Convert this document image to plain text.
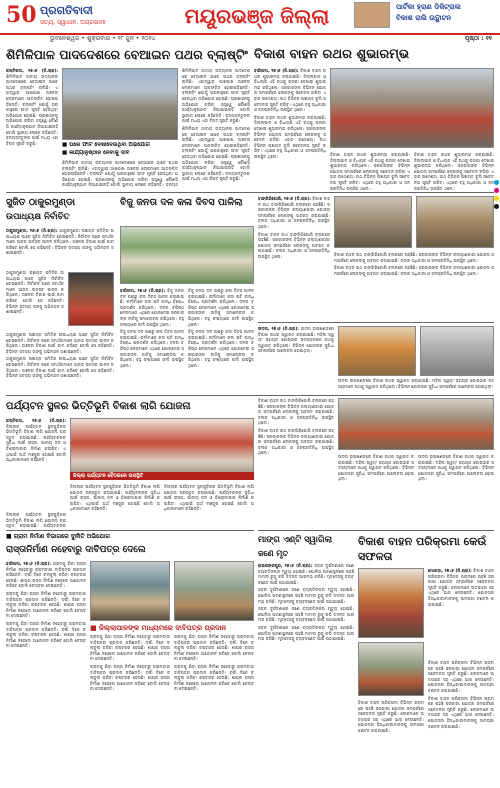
50 ପ୍ରଗତିବାଦୀ
ସତ୍ୟ, ସ୍ୱାଧୀନ, ଅଗ୍ରଗାମୀ	ମୟୂରଭଞ୍ଜ ଜିଲ୍ଲା	ପାର୍ଟିକା ହ୍ରାଣ ଡିଜିଟ୍ରାଲ
ବିକାଶ ରାଲି ଉଦ୍ଘାଟନ
ଭୁବନେଶ୍ୱର • ଶୁକ୍ରବାର • ୨୮ ଜୁନ • ୨୦୨୪	ପୃଷ୍ଠା : ୧୧
ଶିମିଳିପାଳ ପାଦଦେଶରେ ବେଆଇନ ପଥର ବ୍ଲାଷ୍ଟିଂ

କପ୍ତିପଦା, ୨୭।୬ (ନି.ପ୍ର): ଶିମିଳିପାଳ ଜାତୀୟ ଉଦ୍ୟାନର ପାଦଦେଶରେ ବେଆଇନ ଭାବେ ପଥର ବ୍ଲାଷ୍ଟିଂ ଚାଲିଛି। ଏହାଦ୍ୱାରା ଆଖପାଖ ଅଞ୍ଚଳର ଲୋକମାନେ ଆତଙ୍କିତ ହୋଇପଡ଼ିଛନ୍ତି। ବ୍ଲାଷ୍ଟିଂ ଯୋଗୁଁ ଘରକାନ୍ଥରେ ଫାଟ ସୃଷ୍ଟି ହେଉଥିବା ଅଭିଯୋଗ ହୋଇଛି। ପ୍ରଶାସନକୁ ଅଭିଯୋଗ କରିବା ସତ୍ତ୍ୱେ କୌଣସି କାର୍ଯ୍ୟାନୁଷ୍ଠାନ ନିଆଯାଇନାହିଁ ବୋଲି ସ୍ଥାନୀୟ ଲୋକେ କହିଛନ୍ତି। ବନ୍ୟଜନ୍ତୁଙ୍କ ପାଇଁ ମଧ୍ୟ ଏହା ବିପଦ ସୃଷ୍ଟି କରୁଛି।	■ ଘରେ ଫାଟ ଦେଖାଦେଉଥିବା ଅଭିଯୋଗ
■ କାର୍ଯ୍ୟାନୁଷ୍ଠାନ ନେବାକୁ ଦାବି

ଶିମିଳିପାଳ ଜାତୀୟ ଉଦ୍ୟାନର ପାଦଦେଶରେ ବେଆଇନ ଭାବେ ପଥର ବ୍ଲାଷ୍ଟିଂ ଚାଲିଛି। ଏହାଦ୍ୱାରା ଆଖପାଖ ଅଞ୍ଚଳର ଲୋକମାନେ ଆତଙ୍କିତ ହୋଇପଡ଼ିଛନ୍ତି। ବ୍ଲାଷ୍ଟିଂ ଯୋଗୁଁ ଘରକାନ୍ଥରେ ଫାଟ ସୃଷ୍ଟି ହେଉଥିବା ଅଭିଯୋଗ ହୋଇଛି। ପ୍ରଶାସନକୁ ଅଭିଯୋଗ କରିବା ସତ୍ତ୍ୱେ କୌଣସି କାର୍ଯ୍ୟାନୁଷ୍ଠାନ ନିଆଯାଇନାହିଁ ବୋଲି ସ୍ଥାନୀୟ ଲୋକେ କହିଛନ୍ତି। ବନ୍ୟଜ

ଶିମିଳିପାଳ ଜାତୀୟ ଉଦ୍ୟାନର ପାଦଦେଶରେ ବେଆଇନ ଭାବେ ପଥର ବ୍ଲାଷ୍ଟିଂ ଚାଲିଛି। ଏହାଦ୍ୱାରା ଆଖପାଖ ଅଞ୍ଚଳର ଲୋକମାନେ ଆତଙ୍କିତ ହୋଇପଡ଼ିଛନ୍ତି। ବ୍ଲାଷ୍ଟିଂ ଯୋଗୁଁ ଘରକାନ୍ଥରେ ଫାଟ ସୃଷ୍ଟି ହେଉଥିବା ଅଭିଯୋଗ ହୋଇଛି। ପ୍ରଶାସନକୁ ଅଭିଯୋଗ କରିବା ସତ୍ତ୍ୱେ କୌଣସି କାର୍ଯ୍ୟାନୁଷ୍ଠାନ ନିଆଯାଇନାହିଁ ବୋଲି ସ୍ଥାନୀୟ ଲୋକେ କହିଛନ୍ତି। ବନ୍ୟଜନ୍ତୁଙ୍କ ପାଇଁ ମଧ୍ୟ ଏହା ବିପଦ ସୃଷ୍ଟି କରୁଛି।

ଶିମିଳିପାଳ ଜାତୀୟ ଉଦ୍ୟାନର ପାଦଦେଶରେ ବେଆଇନ ଭାବେ ପଥର ବ୍ଲାଷ୍ଟିଂ ଚାଲିଛି। ଏହାଦ୍ୱାରା ଆଖପାଖ ଅଞ୍ଚଳର ଲୋକମାନେ ଆତଙ୍କିତ ହୋଇପଡ଼ିଛନ୍ତି। ବ୍ଲାଷ୍ଟିଂ ଯୋଗୁଁ ଘରକାନ୍ଥରେ ଫାଟ ସୃଷ୍ଟି ହେଉଥିବା ଅଭିଯୋଗ ହୋଇଛି। ପ୍ରଶାସନକୁ ଅଭିଯୋଗ କରିବା ସତ୍ତ୍ୱେ କୌଣସି କାର୍ଯ୍ୟାନୁଷ୍ଠାନ ନିଆଯାଇନାହିଁ ବୋଲି ସ୍ଥାନୀୟ ଲୋକେ କହିଛନ୍ତି। ବନ୍ୟଜନ୍ତୁଙ୍କ ପାଇଁ ମଧ୍ୟ ଏହା ବିପଦ ସୃଷ୍ଟି କରୁଛି।

ବିକାଶ ବାହନ ରଥର ଶୁଭାରମ୍ଭ

ବାରିପଦା, ୨୭।୬ (ନି.ପ୍ର): ବିକାଶ ବାହନ ରଥର ଶୁଭାରମ୍ଭ କରାଯାଇଛି। ଜିଲ୍ଲାପାଳ ଓ ବିଧାୟକ ଏହି ରଥକୁ ପତାକା ଦେଖାଇ ଶୁଭାରମ୍ଭ କରିଥିଲେ। ସରକାରଙ୍କ ବିଭିନ୍ନ ଯୋଜନା ସମ୍ପର୍କରେ ଲୋକଙ୍କୁ ସଚେତନ କରିବା ଏହାର ଉଦ୍ଦେଶ୍ୟ। ରଥ ବିଭିନ୍ନ ପଞ୍ଚାୟତ ବୁଲି ସଚେତନତା ସୃଷ୍ଟି କରିବ। ଏଥିରେ ବହୁ ଅଧିକାରୀ ଓ ଜନପ୍ରତିନିଧି ଉପସ୍ଥିତ ଥିଲେ।

ବିକାଶ ବାହନ ରଥର ଶୁଭାରମ୍ଭ କରାଯାଇଛି। ଜିଲ୍ଲାପାଳ ଓ ବିଧାୟକ ଏହି ରଥକୁ ପତାକା ଦେଖାଇ ଶୁଭାରମ୍ଭ କରିଥିଲେ। ସରକାରଙ୍କ ବିଭିନ୍ନ ଯୋଜନା ସମ୍ପର୍କରେ ଲୋକଙ୍କୁ ସଚେତନ କରିବା ଏହାର ଉଦ୍ଦେଶ୍ୟ। ରଥ ବିଭିନ୍ନ ପଞ୍ଚାୟତ ବୁଲି ସଚେତନତା ସୃଷ୍ଟି କରିବ। ଏଥିରେ ବହୁ ଅଧିକାରୀ ଓ ଜନପ୍ରତିନିଧି ଉପସ୍ଥିତ ଥିଲେ।	ବିକାଶ ବାହନ ରଥର ଶୁଭାରମ୍ଭ କରାଯାଇଛି। ଜିଲ୍ଲାପାଳ ଓ ବିଧାୟକ ଏହି ରଥକୁ ପତାକା ଦେଖାଇ ଶୁଭାରମ୍ଭ କରିଥିଲେ। ସରକାରଙ୍କ ବିଭିନ୍ନ ଯୋଜନା ସମ୍ପର୍କରେ ଲୋକଙ୍କୁ ସଚେତନ କରିବା ଏହାର ଉଦ୍ଦେଶ୍ୟ। ରଥ ବିଭିନ୍ନ ପଞ୍ଚାୟତ ବୁଲି ସଚେତନତା ସୃଷ୍ଟି କରିବ। ଏଥିରେ ବହୁ ଅଧିକାରୀ ଓ ଜନପ୍ରତିନିଧି ଉପସ୍ଥିତ ଥିଲେ।

ବିକାଶ ବାହନ ରଥର ଶୁଭାରମ୍ଭ କରାଯାଇଛି। ଜିଲ୍ଲାପାଳ ଓ ବିଧାୟକ ଏହି ରଥକୁ ପତାକା ଦେଖାଇ ଶୁଭାରମ୍ଭ କରିଥିଲେ। ସରକାରଙ୍କ ବିଭିନ୍ନ ଯୋଜନା ସମ୍ପର୍କରେ ଲୋକଙ୍କୁ ସଚେତନ କରିବା ଏହାର ଉଦ୍ଦେଶ୍ୟ। ରଥ ବିଭିନ୍ନ ପଞ୍ଚାୟତ ବୁଲି ସଚେତନତା ସୃଷ୍ଟି କରିବ। ଏଥିରେ ବହୁ ଅଧିକାରୀ ଓ ଜନପ୍ରତିନିଧି ଉପସ୍ଥିତ ଥିଲେ।

ସୁଜିତ ଠାକୁରମୁଣ୍ଡା
ଉପାଧ୍ୟକ୍ଷ ନିର୍ବାଚିତ

ଠାକୁରମୁଣ୍ଡା, ୨୭।୬ (ନି.ପ୍ର): ଠାକୁରମୁଣ୍ଡା ପଞ୍ଚାୟତ ସମିତିର ଉପାଧ୍ୟକ୍ଷ ଭାବେ ସୁଜିତ ନିର୍ବାଚିତ ହୋଇଛନ୍ତି। ନିର୍ବାଚନ ପରେ ସମର୍ଥକମାନେ ଆନନ୍ଦ ଉତ୍ସବ ପାଳନ କରିଥିଲେ। ଅଞ୍ଚଳର ବିକାଶ ପାଇଁ କାମ କରିବେ ବୋଲି ସେ କହିଛନ୍ତି। ବିଭିନ୍ନ ସଦସ୍ୟ ତାଙ୍କୁ ଅଭିନନ୍ଦନ ଜଣାଇଛନ୍ତି।

ଠାକୁରମୁଣ୍ଡା ପଞ୍ଚାୟତ ସମିତିର ଉପାଧ୍ୟକ୍ଷ ଭାବେ ସୁଜିତ ନିର୍ବାଚିତ ହୋଇଛନ୍ତି। ନିର୍ବାଚନ ପରେ ସମର୍ଥକମାନେ ଆନନ୍ଦ ଉତ୍ସବ ପାଳନ କରିଥିଲେ। ଅଞ୍ଚଳର ବିକାଶ ପାଇଁ କାମ କରିବେ ବୋଲି ସେ କହିଛନ୍ତି। ବିଭିନ୍ନ ସଦସ୍ୟ ତାଙ୍କୁ ଅଭିନନ୍ଦନ ଜଣାଇଛନ୍ତି।

ଠାକୁରମୁଣ୍ଡା ପଞ୍ଚାୟତ ସମିତିର ଉପାଧ୍ୟକ୍ଷ ଭାବେ ସୁଜିତ ନିର୍ବାଚିତ ହୋଇଛନ୍ତି। ନିର୍ବାଚନ ପରେ ସମର୍ଥକମାନେ ଆନନ୍ଦ ଉତ୍ସବ ପାଳନ କରିଥିଲେ। ଅଞ୍ଚଳର ବିକାଶ ପାଇଁ କାମ କରିବେ ବୋଲି ସେ କହିଛନ୍ତି। ବିଭିନ୍ନ ସଦସ୍ୟ ତାଙ୍କୁ ଅଭିନନ୍ଦନ ଜଣାଇଛନ୍ତି।

ଠାକୁରମୁଣ୍ଡା ପଞ୍ଚାୟତ ସମିତିର ଉପାଧ୍ୟକ୍ଷ ଭାବେ ସୁଜିତ ନିର୍ବାଚିତ ହୋଇଛନ୍ତି। ନିର୍ବାଚନ ପରେ ସମର୍ଥକମାନେ ଆନନ୍ଦ ଉତ୍ସବ ପାଳନ କରିଥିଲେ। ଅଞ୍ଚଳର ବିକାଶ ପାଇଁ କାମ କରିବେ ବୋଲି ସେ କହିଛନ୍ତି। ବିଭିନ୍ନ ସଦସ୍ୟ ତାଙ୍କୁ ଅଭିନନ୍ଦନ ଜଣାଇଛନ୍ତି।

ବିଜୁ ଜନତା ଦଳ କଳା ଦିବସ ପାଳିଲା

ବାରିପଦା, ୨୭।୬ (ନି.ପ୍ର): ବିଜୁ ଜନତା ଦଳ ପକ୍ଷରୁ କଳା ଦିବସ ପାଳନ କରାଯାଇଛି। କର୍ମୀମାନେ କଳା ପଟି ବାନ୍ଧି ବିରୋଧ ପ୍ରଦର୍ଶନ କରିଥିଲେ। ଦଳର ବରିଷ୍ଠ ନେତାମାନେ ଏଥିରେ ଯୋଗଦେଇ ସରକାରଙ୍କ ନୀତିକୁ ସମାଲୋଚନା କରିଥିଲେ। ବହୁ ସଂଖ୍ୟାରେ କର୍ମୀ ଉପସ୍ଥିତ ଥିଲେ।

ବିଜୁ ଜନତା ଦଳ ପକ୍ଷରୁ କଳା ଦିବସ ପାଳନ କରାଯାଇଛି। କର୍ମୀମାନେ କଳା ପଟି ବାନ୍ଧି ବିରୋଧ ପ୍ରଦର୍ଶନ କରିଥିଲେ। ଦଳର ବରିଷ୍ଠ ନେତାମାନେ ଏଥିରେ ଯୋଗଦେଇ ସରକାରଙ୍କ ନୀତିକୁ ସମାଲୋଚନା କରିଥିଲେ। ବହୁ ସଂଖ୍ୟାରେ କର୍ମୀ ଉପସ୍ଥିତ ଥିଲେ।

ବିଜୁ ଜନତା ଦଳ ପକ୍ଷରୁ କଳା ଦିବସ ପାଳନ କରାଯାଇଛି। କର୍ମୀମାନେ କଳା ପଟି ବାନ୍ଧି ବିରୋଧ ପ୍ରଦର୍ଶନ କରିଥିଲେ। ଦଳର ବରିଷ୍ଠ ନେତାମାନେ ଏଥିରେ ଯୋଗଦେଇ ସରକାରଙ୍କ ନୀତିକୁ ସମାଲୋଚନା କରିଥିଲେ। ବହୁ ସଂଖ୍ୟାରେ କର୍ମୀ ଉପସ୍ଥିତ ଥିଲେ।

ବିଜୁ ଜନତା ଦଳ ପକ୍ଷରୁ କଳା ଦିବସ ପାଳନ କରାଯାଇଛି। କର୍ମୀମାନେ କଳା ପଟି ବାନ୍ଧି ବିରୋଧ ପ୍ରଦର୍ଶନ କରିଥିଲେ। ଦଳର ବରିଷ୍ଠ ନେତାମାନେ ଏଥିରେ ଯୋଗଦେଇ ସରକାରଙ୍କ ନୀତିକୁ ସମାଲୋଚନା କରିଥିଲେ। ବହୁ ସଂଖ୍ୟାରେ କର୍ମୀ ଉପସ୍ଥିତ ଥିଲେ।

ବାଙ୍ଗିରିପୋଷି, ୨୭।୬ (ନି.ପ୍ର): ବିକାଶ ବାହନ ରଥ ବାଙ୍ଗିରିପୋଷି ବ୍ଲକରେ ପହଞ୍ଚିଛି। ସରକାରଙ୍କ ବିଭିନ୍ନ କଲ୍ୟାଣକାରୀ ଯୋଜନା ସମ୍ପର୍କରେ ଲୋକଙ୍କୁ ଅବଗତ କରାଯାଇଛି। ବ୍ଲକ ଅଧିକାରୀ ଓ ଜନପ୍ରତିନିଧି ଉପସ୍ଥିତ ଥିଲେ।

ବିକାଶ ବାହନ ରଥ ବାଙ୍ଗିରିପୋଷି ବ୍ଲକରେ ପହଞ୍ଚିଛି। ସରକାରଙ୍କ ବିଭିନ୍ନ କଲ୍ୟାଣକାରୀ ଯୋଜନା ସମ୍ପର୍କରେ ଲୋକଙ୍କୁ ଅବଗତ କରାଯାଇଛି। ବ୍ଲକ ଅଧିକାରୀ ଓ ଜନପ୍ରତିନିଧି ଉପସ୍ଥିତ ଥିଲେ।	ବିକାଶ ବାହନ ରଥ ବାଙ୍ଗିରିପୋଷି ବ୍ଲକରେ ପହଞ୍ଚିଛି। ସରକାରଙ୍କ ବିଭିନ୍ନ କଲ୍ୟାଣକାରୀ ଯୋଜନା ସମ୍ପର୍କରେ ଲୋକଙ୍କୁ ଅବଗତ କରାଯାଇଛି। ବ୍ଲକ ଅଧିକାରୀ ଓ ଜନପ୍ରତିନିଧି ଉପସ୍ଥିତ ଥିଲେ।

ବିକାଶ ବାହନ ରଥ ବାଙ୍ଗିରିପୋଷି ବ୍ଲକରେ ପହଞ୍ଚିଛି। ସରକାରଙ୍କ ବିଭିନ୍ନ କଲ୍ୟାଣକାରୀ ଯୋଜନା ସମ୍ପର୍କରେ ଲୋକଙ୍କୁ ଅବଗତ କରାଯାଇଛି। ବ୍ଲକ ଅଧିକାରୀ ଓ ଜନପ୍ରତିନିଧି ଉପସ୍ଥିତ ଥିଲେ।

ଉଦଳା, ୨୭।୬ (ନି.ପ୍ର): ଉଦଳା ଉପଖଣ୍ଡରେ ବିକାଶ ରଥର ସ୍ୱାଗତ କରାଯାଇଛି। ମହିଳା ସ୍ୱୟଂ ସହାୟକ ଗୋଷ୍ଠୀର ସଦସ୍ୟମାନେ ରଥକୁ ସ୍ୱାଗତ କରିଥିଲେ। ବିଭିନ୍ନ ଯୋଜନାର ସୁବିଧା ସମ୍ପର୍କରେ ଆଲୋଚନା ହୋଇଥିଲା।

ଉଦଳା ଉପଖଣ୍ଡରେ ବିକାଶ ରଥର ସ୍ୱାଗତ କରାଯାଇଛି। ମହିଳା ସ୍ୱୟଂ ସହାୟକ ଗୋଷ୍ଠୀର ସଦସ୍ୟମାନେ ରଥକୁ ସ୍ୱାଗତ କରିଥିଲେ। ବିଭିନ୍ନ ଯୋଜନାର ସୁବିଧା ସମ୍ପର୍କରେ ଆଲୋଚନା ହୋଇଥିଲା।

ପର୍ଯ୍ୟଟନ ସ୍ଥଳର ଭିତ୍ତିଭୂମି ବିକାଶ ଲାଗି ଯୋଜନା

କପ୍ତିପଦା, ୨୭।୬ (ନି.ପ୍ର): ଜିଲ୍ଲାର ପର୍ଯ୍ୟଟନ ସ୍ଥଳଗୁଡ଼ିକର ଭିତ୍ତିଭୂମି ବିକାଶ ଲାଗି ଯୋଜନା ପ୍ରସ୍ତୁତ କରାଯାଇଛି। ପର୍ଯ୍ୟଟକଙ୍କ ସୁବିଧା ପାଇଁ ରାସ୍ତା, ପାନୀୟ ଜଳ ଓ ବିଶ୍ରାମାଗାର ନିର୍ମାଣ କରାଯିବ। ଏଥିପାଇଁ ଅର୍ଥ ମଞ୍ଜୁର ହୋଇଛି ବୋଲି ଅଧିକାରୀମାନେ କହିଛନ୍ତି।

ଜିଲ୍ଲା ପର୍ଯ୍ୟଟନ ବୈଠକରେ ଉପସ୍ଥିତି

ଜିଲ୍ଲାର ପର୍ଯ୍ୟଟନ ସ୍ଥଳଗୁଡ଼ିକର ଭିତ୍ତିଭୂମି ବିକାଶ ଲାଗି ଯୋଜନା ପ୍ରସ୍ତୁତ କରାଯାଇଛି। ପର୍ଯ୍ୟଟକଙ୍କ ସୁବିଧା ପାଇଁ ରାସ୍ତା, ପାନୀୟ ଜଳ ଓ ବିଶ୍ରାମାଗାର ନିର୍ମାଣ କରାଯିବ। ଏଥିପାଇଁ ଅର୍ଥ ମଞ୍ଜୁର ହୋଇଛି ବୋଲି ଅଧିକାରୀମାନେ କହିଛନ୍ତି।

ଜିଲ୍ଲାର ପର୍ଯ୍ୟଟନ ସ୍ଥଳଗୁଡ଼ିକର ଭିତ୍ତିଭୂମି ବିକାଶ ଲାଗି ଯୋଜନା ପ୍ରସ୍ତୁତ କରାଯାଇଛି। ପର୍ଯ୍ୟଟକଙ୍କ ସୁବିଧା ପାଇଁ ରାସ୍ତା, ପାନୀୟ ଜଳ ଓ ବିଶ୍ରାମାଗାର ନିର୍ମାଣ କରାଯିବ। ଏଥିପାଇଁ ଅର୍ଥ ମଞ୍ଜୁର ହୋଇଛି ବୋଲି ଅଧିକାରୀମାନେ କହିଛନ୍ତି।

ଜିଲ୍ଲାର ପର୍ଯ୍ୟଟନ ସ୍ଥଳଗୁଡ଼ିକର ଭିତ୍ତିଭୂମି ବିକାଶ ଲାଗି ଯୋଜନା ପ୍ରସ୍ତୁତ କରାଯାଇଛି। ପର୍ଯ୍ୟଟକଙ୍କ

ବିକାଶ ବାହନ ରଥ ବାଙ୍ଗିରିପୋଷି ବ୍ଲକରେ ପହଞ୍ଚିଛି। ସରକାରଙ୍କ ବିଭିନ୍ନ କଲ୍ୟାଣକାରୀ ଯୋଜନା ସମ୍ପର୍କରେ ଲୋକଙ୍କୁ ଅବଗତ କରାଯାଇଛି। ବ୍ଲକ ଅଧିକାରୀ ଓ ଜନପ୍ରତିନିଧି ଉପସ୍ଥିତ ଥିଲେ।

ବିକାଶ ବାହନ ରଥ ବାଙ୍ଗିରିପୋଷି ବ୍ଲକରେ ପହଞ୍ଚିଛି। ସରକାରଙ୍କ ବିଭିନ୍ନ କଲ୍ୟାଣକାରୀ ଯୋଜନା ସମ୍ପର୍କରେ ଲୋକଙ୍କୁ ଅବଗତ କରାଯାଇଛି। ବ୍ଲକ ଅଧିକାରୀ ଓ ଜନପ୍ରତିନିଧି ଉପସ୍ଥିତ ଥିଲେ।

ଉଦଳା ଉପଖଣ୍ଡରେ ବିକାଶ ରଥର ସ୍ୱାଗତ କରାଯାଇଛି। ମହିଳା ସ୍ୱୟଂ ସହାୟକ ଗୋଷ୍ଠୀର ସଦସ୍ୟମାନେ ରଥକୁ ସ୍ୱାଗତ କରିଥିଲେ। ବିଭିନ୍ନ ଯୋଜନାର ସୁବିଧା ସମ୍ପର୍କରେ ଆଲୋଚନା ହୋଇଥିଲା।

ଉଦଳା ଉପଖଣ୍ଡରେ ବିକାଶ ରଥର ସ୍ୱାଗତ କରାଯାଇଛି। ମହିଳା ସ୍ୱୟଂ ସହାୟକ ଗୋଷ୍ଠୀର ସଦସ୍ୟମାନେ ରଥକୁ ସ୍ୱାଗତ କରିଥିଲେ। ବିଭିନ୍ନ ଯୋଜନାର ସୁବିଧା ସମ୍ପର୍କରେ ଆଲୋଚନା ହୋଇଥିଲା।

■ ଗ୍ରାମ ନିର୍ମାଣ ବିଭାଗରେ ଦୁର୍ନୀତି ଅଭିଯୋଗ
ରାସ୍ତାନିର୍ମାଣ ନହେବାରୁ ଦାବିପତ୍ର ଦେଲେ

ବାରିପଦା, ୨୭।୬ (ନି.ପ୍ର): ଗ୍ରାମକୁ ଯିବା ରାସ୍ତା ନିର୍ମାଣ ନହେବାରୁ ଗ୍ରାମବାସୀ ଦାବିପତ୍ର ପ୍ରଦାନ କରିଛନ୍ତି। ବର୍ଷା ଦିନେ ଚଲାବୁଲା କରିବା କଷ୍ଟକର ହେଉଛି। ଶୀଘ୍ର ରାସ୍ତା ନିର୍ମାଣ ନହେଲେ ଆନ୍ଦୋଳନ କରିବେ ବୋଲି ଚେତାବନୀ ଦେଇଛନ୍ତି।

ଗ୍ରାମକୁ ଯିବା ରାସ୍ତା ନିର୍ମାଣ ନହେବାରୁ ଗ୍ରାମବାସୀ ଦାବିପତ୍ର ପ୍ରଦାନ କରିଛନ୍ତି। ବର୍ଷା ଦିନେ ଚଲାବୁଲା କରିବା କଷ୍ଟକର ହେଉଛି। ଶୀଘ୍ର ରାସ୍ତା ନିର୍ମାଣ ନହେଲେ ଆନ୍ଦୋଳନ କରିବେ ବୋଲି ଚେତାବନୀ ଦେଇଛନ୍ତି।

ଗ୍ରାମକୁ ଯିବା ରାସ୍ତା ନିର୍ମାଣ ନହେବାରୁ ଗ୍ରାମବାସୀ ଦାବିପତ୍ର ପ୍ରଦାନ କରିଛନ୍ତି। ବର୍ଷା ଦିନେ ଚଲାବୁଲା କରିବା କଷ୍ଟକର ହେଉଛି। ଶୀଘ୍ର ରାସ୍ତା ନିର୍ମାଣ ନହେଲେ ଆନ୍ଦୋଳନ କରିବେ ବୋଲି ଚେତାବନୀ ଦେଇଛନ୍ତି।

■ ଜିଲ୍ଲାପାଳଙ୍କ ମାଧ୍ୟମରେ ଦାବିପତ୍ର ପ୍ରଦାନ

ଗ୍ରାମକୁ ଯିବା ରାସ୍ତା ନିର୍ମାଣ ନହେବାରୁ ଗ୍ରାମବାସୀ ଦାବିପତ୍ର ପ୍ରଦାନ କରିଛନ୍ତି। ବର୍ଷା ଦିନେ ଚଲାବୁଲା କରିବା କଷ୍ଟକର ହେଉଛି। ଶୀଘ୍ର ରାସ୍ତା ନିର୍ମାଣ ନହେଲେ ଆନ୍ଦୋଳନ କରିବେ ବୋଲି ଚେତାବନୀ ଦେଇଛନ୍ତି।

ଗ୍ରାମକୁ ଯିବା ରାସ୍ତା ନିର୍ମାଣ ନହେବାରୁ ଗ୍ରାମବାସୀ ଦାବିପତ୍ର ପ୍ରଦାନ କରିଛନ୍ତି। ବର୍ଷା ଦିନେ ଚଲାବୁଲା କରିବା କଷ୍ଟକର ହେଉଛି। ଶୀଘ୍ର ରାସ୍ତା ନିର୍ମାଣ ନହେଲେ ଆନ୍ଦୋଳନ କରିବେ ବୋଲି ଚେତାବନୀ ଦେଇଛନ୍ତି।

ଗ୍ରାମକୁ ଯିବା ରାସ୍ତା ନିର୍ମାଣ ନହେବାରୁ ଗ୍ରାମବାସୀ ଦାବିପତ୍ର ପ୍ରଦାନ କରିଛନ୍ତି। ବର୍ଷା ଦିନେ ଚଲାବୁଲା କରିବା କଷ୍ଟକର ହେଉଛି। ଶୀଘ୍ର ରାସ୍ତା ନିର୍ମାଣ ନହେଲେ ଆନ୍ଦୋଳନ କରିବେ ବୋଲି ଚେତାବନୀ ଦେଇଛନ୍ତି।

ଗ୍ରାମକୁ ଯିବା ରାସ୍ତା ନିର୍ମାଣ ନହେବାରୁ ଗ୍ରାମବାସୀ ଦାବିପତ୍ର ପ୍ରଦାନ କରିଛନ୍ତି। ବର୍ଷା ଦିନେ ଚଲାବୁଲା କରିବା କଷ୍ଟକର ହେଉଛି। ଶୀଘ୍ର ରାସ୍ତା ନିର୍ମାଣ ନହେଲେ ଆନ୍ଦୋଳନ କରିବେ ବୋଲି ଚେତାବନୀ ଦେଇଛନ୍ତି।

ମାଙ୍ଗ ଏଣ୍ଟି ସ୍ୱାଗିଲା
ଜଣେ ମୃତ

ରାଇରଙ୍ଗପୁର, ୨୭।୬ (ନି.ପ୍ର): ସଡ଼କ ଦୁର୍ଘଟଣାରେ ଜଣେ ବ୍ୟକ୍ତିଙ୍କର ମୃତ୍ୟୁ ହୋଇଛି। ପୋଲିସ ଘଟଣାସ୍ଥଳରେ ପହଞ୍ଚି ମାମଲା ରୁଜୁ କରି ତଦନ୍ତ ଆରମ୍ଭ କରିଛି। ମୃତଦେହକୁ ବ୍ୟବଚ୍ଛେଦ ପାଇଁ ପଠାଯାଇଛି।

ସଡ଼କ ଦୁର୍ଘଟଣାରେ ଜଣେ ବ୍ୟକ୍ତିଙ୍କର ମୃତ୍ୟୁ ହୋଇଛି। ପୋଲିସ ଘଟଣାସ୍ଥଳରେ ପହଞ୍ଚି ମାମଲା ରୁଜୁ କରି ତଦନ୍ତ ଆରମ୍ଭ କରିଛି। ମୃତଦେହକୁ ବ୍ୟବଚ୍ଛେଦ ପାଇଁ ପଠାଯାଇଛି।

ସଡ଼କ ଦୁର୍ଘଟଣାରେ ଜଣେ ବ୍ୟକ୍ତିଙ୍କର ମୃତ୍ୟୁ ହୋଇଛି। ପୋଲିସ ଘଟଣାସ୍ଥଳରେ ପହଞ୍ଚି ମାମଲା ରୁଜୁ କରି ତଦନ୍ତ ଆରମ୍ଭ କରିଛି। ମୃତଦେହକୁ ବ୍ୟବଚ୍ଛେଦ ପାଇଁ ପଠାଯାଇଛି।

ସଡ଼କ ଦୁର୍ଘଟଣାରେ ଜଣେ ବ୍ୟକ୍ତିଙ୍କର ମୃତ୍ୟୁ ହୋଇଛି। ପୋଲିସ ଘଟଣାସ୍ଥଳରେ ପହଞ୍ଚି ମାମଲା ରୁଜୁ କରି ତଦନ୍ତ ଆରମ୍ଭ କରିଛି। ମୃତଦେହକୁ ବ୍ୟବଚ୍ଛେଦ ପାଇଁ ପଠାଯାଇଛି।

ବିକାଶ ବାହନ ପରିକ୍ରମା କେଉଁ ସଫଳତା

ମୋରଡ଼ା, ୨୭।୬ (ନି.ପ୍ର): ବିକାଶ ବାହନ ପରିକ୍ରମା ବିଭିନ୍ନ ଗ୍ରାମରେ ପହଞ୍ଚି ସରକାରୀ ଯୋଜନା ସମ୍ପର୍କରେ ସଚେତନତା ସୃଷ୍ଟି କରୁଛି। ଲୋକମାନେ ଉତ୍ସାହର ସହ ଏଥିରେ ଭାଗ ନେଉଛନ୍ତି। ଯୋଜନାର ହିତାଧିକାରୀମାନଙ୍କୁ ସାମଗ୍ରୀ ବଣ୍ଟନ କରାଯାଇଛି।

ବିକାଶ ବାହନ ପରିକ୍ରମା ବିଭିନ୍ନ ଗ୍ରାମରେ ପହଞ୍ଚି ସରକାରୀ ଯୋଜନା ସମ୍ପର୍କରେ ସଚେତନତା ସୃଷ୍ଟି କରୁଛି। ଲୋକମାନେ ଉତ୍ସାହର ସହ ଏଥିରେ ଭାଗ ନେଉଛନ୍ତି। ଯୋଜନାର ହିତାଧିକାରୀମାନଙ୍କୁ ସାମଗ୍ରୀ ବଣ୍ଟନ କରାଯାଇଛି।

ବିକାଶ ବାହନ ପରିକ୍ରମା ବିଭିନ୍ନ ଗ୍ରାମରେ ପହଞ୍ଚି ସରକାରୀ ଯୋଜନା ସମ୍ପର୍କରେ ସଚେତନତା ସୃଷ୍ଟି କରୁଛି। ଲୋକମାନେ ଉତ୍ସାହର ସହ ଏଥିରେ ଭାଗ ନେଉଛନ୍ତି। ଯୋଜନାର ହିତାଧିକାରୀମାନଙ୍କୁ ସାମଗ୍ରୀ ବଣ୍ଟନ କରାଯାଇଛି।

ବିକାଶ ବାହନ ପରିକ୍ରମା ବିଭିନ୍ନ ଗ୍ରାମରେ ପହଞ୍ଚି ସରକାରୀ ଯୋଜନା ସମ୍ପର୍କରେ ସଚେତନତା ସୃଷ୍ଟି କରୁଛି। ଲୋକମାନେ ଉତ୍ସାହର ସହ ଏଥିରେ ଭାଗ ନେଉଛନ୍ତି। ଯୋଜନାର ହିତାଧିକାରୀମାନଙ୍କୁ ସାମଗ୍ରୀ ବଣ୍ଟନ କରାଯାଇଛି।
